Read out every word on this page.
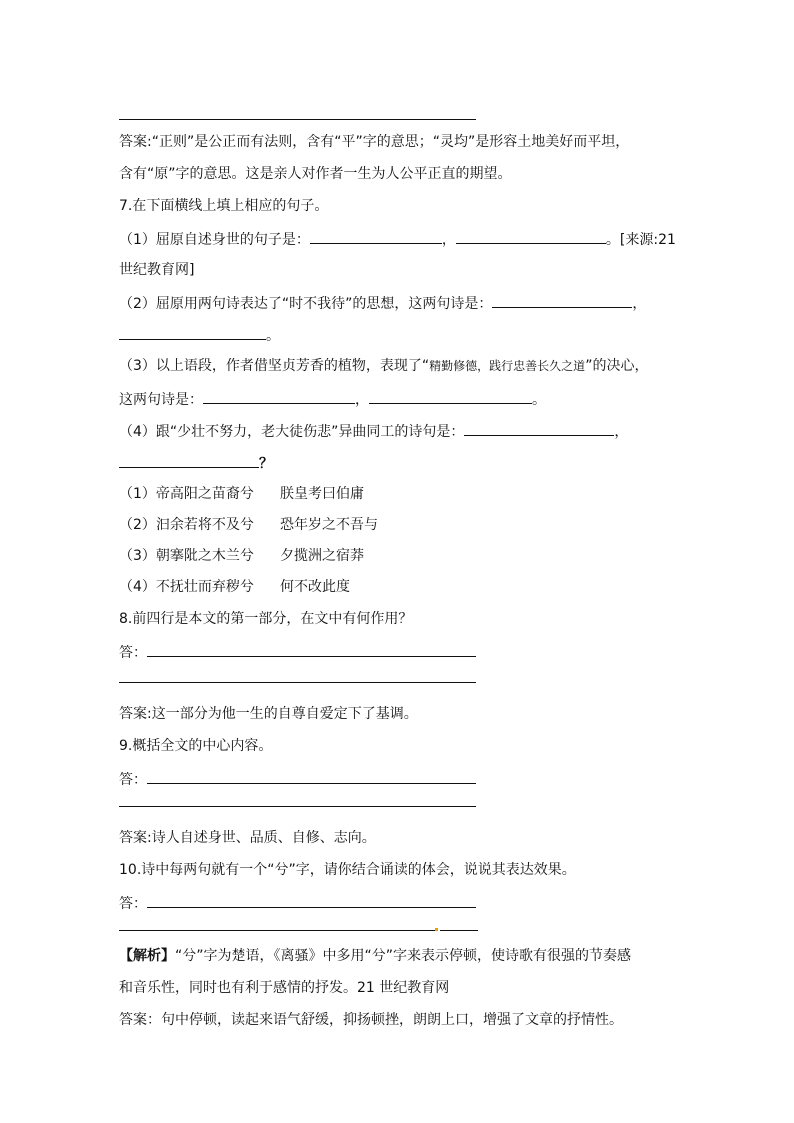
答案:“正则”是公正而有法则，含有“平”字的意思；“灵均”是形容土地美好而平坦，
含有“原”字的意思。这是亲人对作者一生为人公平正直的期望。
7.在下面横线上填上相应的句子。
（1）屈原自述身世的句子是：	，	。[来源:21
世纪教育网]
（2）屈原用两句诗表达了“时不我待”的思想，这两句诗是：	，
。
（3）以上语段，作者借坚贞芳香的植物，表现了“精勤修德，践行忠善长久之道”的决心，
这两句诗是：	，	。
（4）跟“少壮不努力，老大徒伤悲”异曲同工的诗句是：	，
？
（1）帝高阳之苗裔兮 朕皇考曰伯庸
（2）汩余若将不及兮 恐年岁之不吾与
（3）朝搴阰之木兰兮 夕揽洲之宿莽
（4）不抚壮而弃秽兮 何不改此度
8.前四行是本文的第一部分，在文中有何作用？
答：
答案:这一部分为他一生的自尊自爱定下了基调。
9.概括全文的中心内容。
答：
答案:诗人自述身世、品质、自修、志向。
10.诗中每两句就有一个“兮”字，请你结合诵读的体会，说说其表达效果。
答：
【解析】“兮”字为楚语，《离骚》中多用“兮”字来表示停顿，使诗歌有很强的节奏感
和音乐性，同时也有利于感情的抒发。21 世纪教育网
答案：句中停顿，读起来语气舒缓，抑扬顿挫，朗朗上口，增强了文章的抒情性。
